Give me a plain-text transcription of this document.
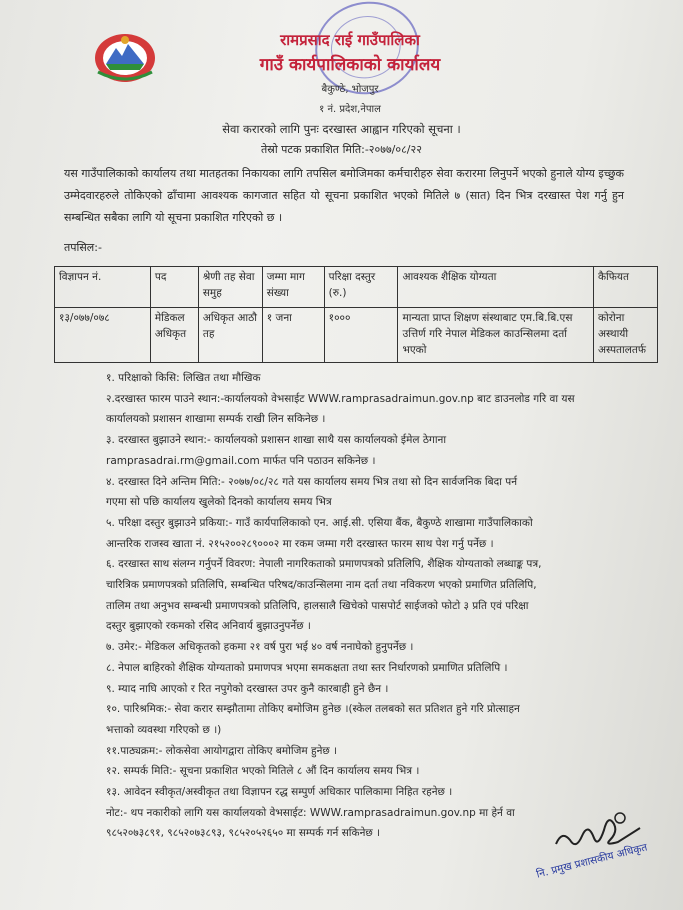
रामप्रसाद राई गाउँपालिका
गाउँ कार्यपालिकाको कार्यालय
बैकुण्ठे, भोजपुर
१ नं. प्रदेश,नेपाल
सेवा करारको लागि पुनः दरखास्त आह्वान गरिएको सूचना ।
तेस्रो पटक प्रकाशित मिति:-२०७७/०८/२२
यस गाउँपालिकाको कार्यालय तथा मातहतका निकायका लागि तपसिल बमोजिमका कर्मचारीहरु सेवा करारमा लिनुपर्ने भएको हुनाले योग्य इच्छुक उम्मेदवारहरुले तोकिएको ढाँचामा आवश्यक कागजात सहित यो सूचना प्रकाशित भएको मितिले ७ (सात) दिन भित्र दरखास्त पेश गर्नु हुन सम्बन्धित सबैका लागि यो सूचना प्रकाशित गरिएको छ ।
तपसिल:-
विज्ञापन नं.	पद	श्रेणी तह सेवा समुह	जम्मा माग संख्या	परिक्षा दस्तुर (रु.)	आवश्यक शैक्षिक योग्यता	कैफियत
१३/०७७/०७८	मेडिकल अधिकृत	अधिकृत आठौ तह	१ जना	१०००	मान्यता प्राप्त शिक्षण संस्थाबाट एम.बि.बि.एस उत्तिर्ण गरि नेपाल मेडिकल काउन्सिलमा दर्ता भएको	कोरोना अस्थायी अस्पतालतर्फ

१. परिक्षाको किसि: लिखित तथा मौखिक

२.दरखास्त फारम पाउने स्थान:-कार्यालयको वेभसाईट WWW.ramprasadraimun.gov.np बाट डाउनलोड गरि वा यस

कार्यालयको प्रशासन शाखामा सम्पर्क राखी लिन सकिनेछ ।

३. दरखास्त बुझाउने स्थान:- कार्यालयको प्रशासन शाखा साथै यस कार्यालयको ईमेल ठेगाना

ramprasadrai.rm@gmail.com मार्फत पनि पठाउन सकिनेछ ।

४. दरखास्त दिने अन्तिम मिति:- २०७७/०८/२८ गते यस कार्यालय समय भित्र तथा सो दिन सार्वजनिक बिदा पर्न

गएमा सो पछि कार्यालय खुलेको दिनको कार्यालय समय भित्र

५. परिक्षा दस्तुर बुझाउने प्रकिया:- गाउँ कार्यपालिकाको एन. आई.सी. एसिया बैंक, बैकुण्ठे शाखामा गाउँपालिकाको

आन्तरिक राजस्व खाता नं. २१५२००२८९०००२ मा रकम जम्मा गरी दरखास्त फारम साथ पेश गर्नु पर्नेछ ।

६. दरखास्त साथ संलग्न गर्नुपर्ने विवरण: नेपाली नागरिकताको प्रमाणपत्रको प्रतिलिपि, शैक्षिक योग्यताको लब्धाङ्क पत्र,

चारित्रिक प्रमाणपत्रको प्रतिलिपि, सम्बन्धित परिषद/काउन्सिलमा नाम दर्ता तथा नविकरण भएको प्रमाणित प्रतिलिपि,

तालिम तथा अनुभव सम्बन्धी प्रमाणपत्रको प्रतिलिपि, हालसालै खिचेको पासपोर्ट साईजको फोटो ३ प्रति एवं परिक्षा

दस्तुर बुझाएको रकमको रसिद अनिवार्य बुझाउनुपर्नेछ ।

७. उमेर:- मेडिकल अधिकृतको हकमा २१ वर्ष पुरा भई ४० वर्ष ननाघेको हुनुपर्नेछ ।

८. नेपाल बाहिरको शैक्षिक योग्यताको प्रमाणपत्र भएमा समकक्षता तथा स्तर निर्धारणको प्रमाणित प्रतिलिपि ।

९. म्याद नाघि आएको र रित नपुगेको दरखास्त उपर कुनै कारबाही हुने छैन ।

१०. पारिश्रमिक:- सेवा करार सम्झौतामा तोकिए बमोजिम हुनेछ ।(स्केल तलबको सत प्रतिशत हुने गरि प्रोत्साहन

भत्ताको व्यवस्था गरिएको छ ।)

११.पाठ्यक्रम:- लोकसेवा आयोगद्वारा तोकिए बमोजिम हुनेछ ।

१२. सम्पर्क मिति:- सूचना प्रकाशित भएको मितिले ८ औं दिन कार्यालय समय भित्र ।

१३. आवेदन स्वीकृत/अस्वीकृत तथा विज्ञापन रद्ध सम्पुर्ण अधिकार पालिकामा निहित रहनेछ ।

नोट:- थप नकारीको लागि यस कार्यालयको वेभसाईट: WWW.ramprasadraimun.gov.np मा हेर्न वा

९८५२०७३८९१, ९८५२०७३८९३, ९८५२०५२६५० मा सम्पर्क गर्न सकिनेछ ।

नि. प्रमुख प्रशासकीय अधिकृत
